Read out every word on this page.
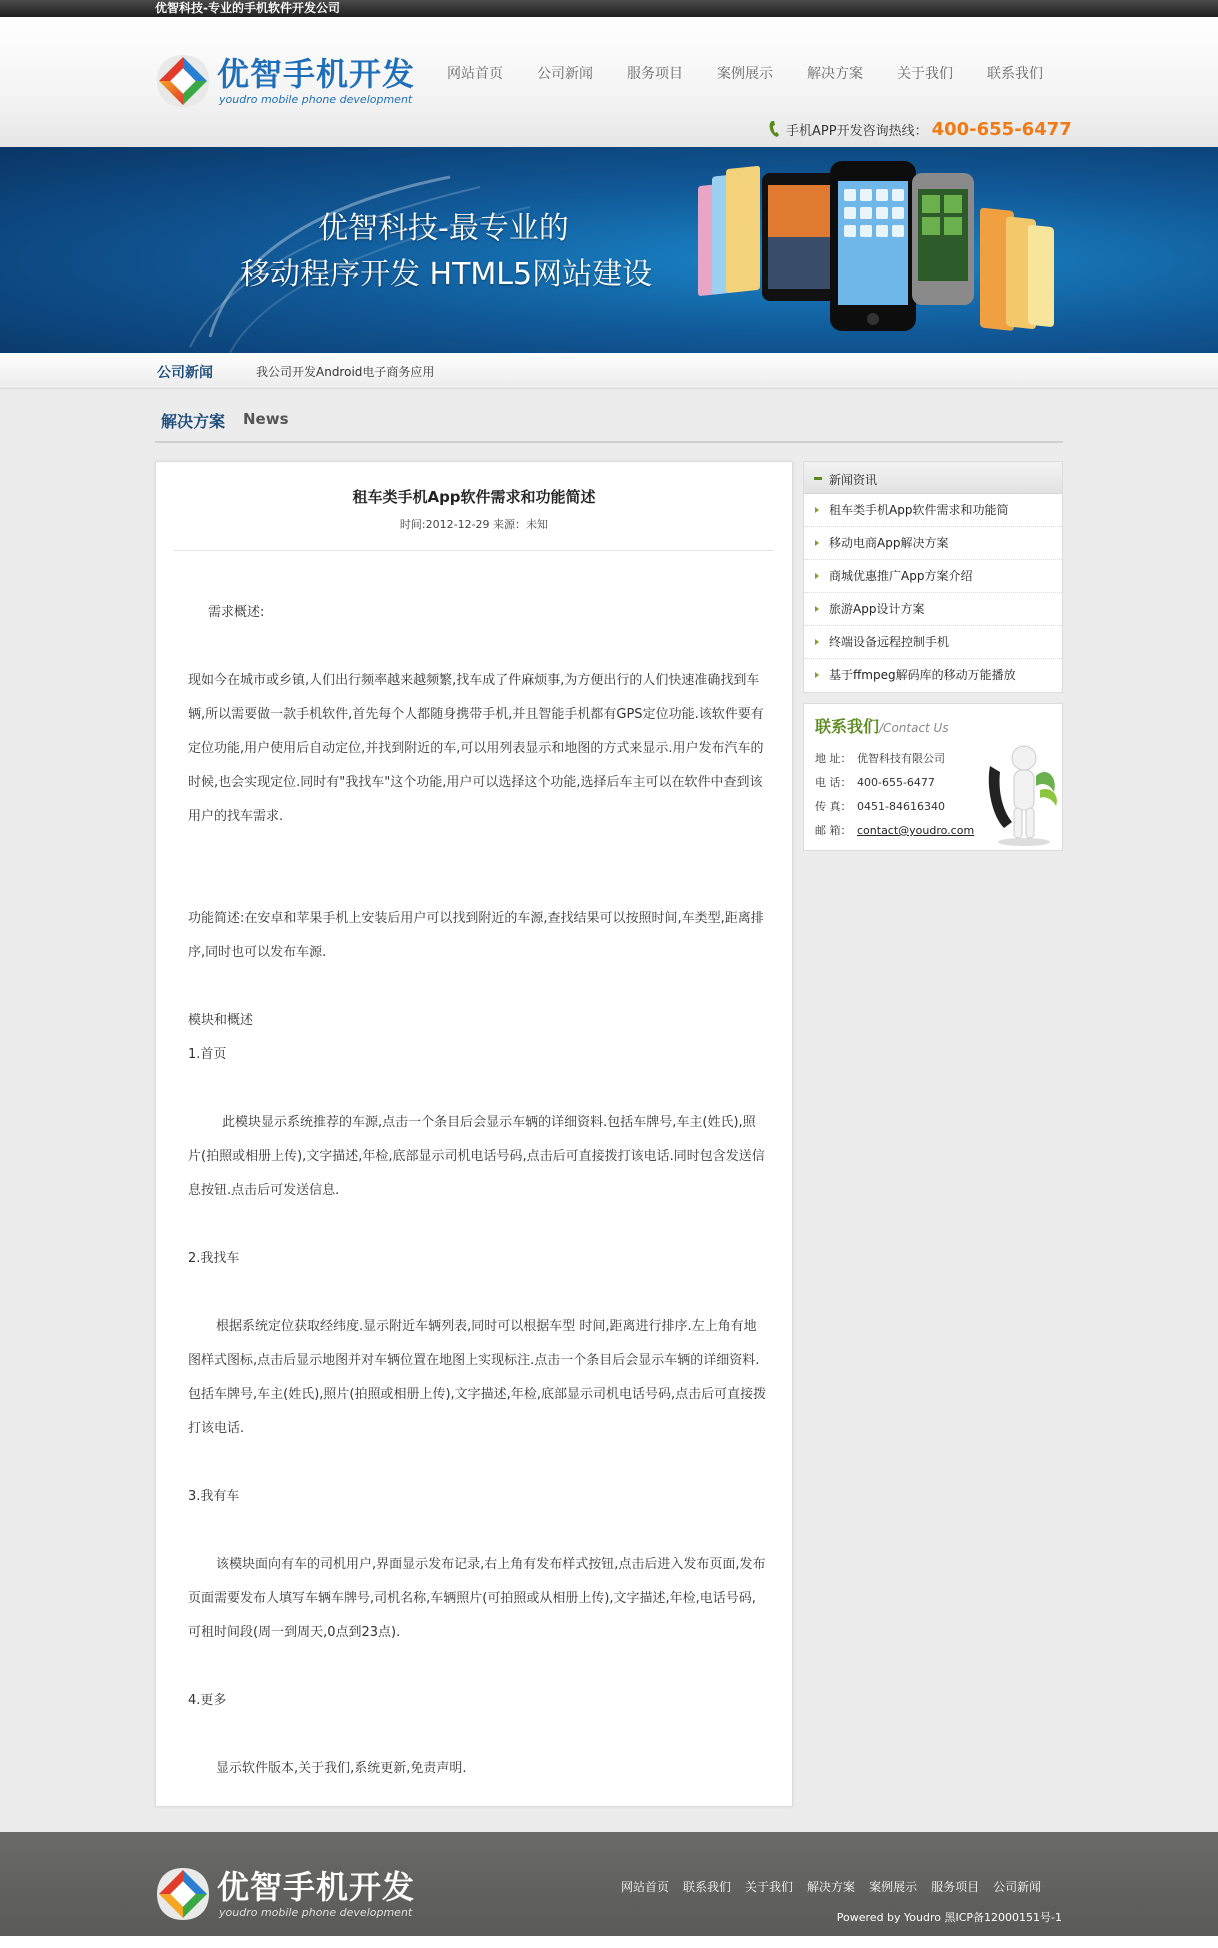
优智科技-专业的手机软件开发公司
优智手机开发
youdro mobile phone development
网站首页	公司新闻	服务项目	案例展示	解决方案	关于我们	联系我们
手机APP开发咨询热线： 400-655-6477
优智科技-最专业的
移动程序开发 HTML5网站建设
公司新闻	我公司开发Android电子商务应用
解决方案 News
租车类手机App软件需求和功能简述
时间:2012-12-29 来源：未知

需求概述:

现如今在城市或乡镇,人们出行频率越来越频繁,找车成了件麻烦事,为方便出行的人们快速准确找到车辆,所以需要做一款手机软件,首先每个人都随身携带手机,并且智能手机都有GPS定位功能.该软件要有定位功能,用户使用后自动定位,并找到附近的车,可以用列表显示和地图的方式来显示.用户发布汽车的时候,也会实现定位.同时有"我找车"这个功能,用户可以选择这个功能,选择后车主可以在软件中查到该用户的找车需求.

功能简述:在安卓和苹果手机上安装后用户可以找到附近的车源,查找结果可以按照时间,车类型,距离排序,同时也可以发布车源.

模块和概述

1.首页

此模块显示系统推荐的车源,点击一个条目后会显示车辆的详细资料.包括车牌号,车主(姓氏),照片(拍照或相册上传),文字描述,年检,底部显示司机电话号码,点击后可直接拨打该电话.同时包含发送信息按钮.点击后可发送信息.

2.我找车

根据系统定位获取经纬度.显示附近车辆列表,同时可以根据车型 时间,距离进行排序.左上角有地图样式图标,点击后显示地图并对车辆位置在地图上实现标注.点击一个条目后会显示车辆的详细资料.包括车牌号,车主(姓氏),照片(拍照或相册上传),文字描述,年检,底部显示司机电话号码,点击后可直接拨打该电话.

3.我有车

该模块面向有车的司机用户,界面显示发布记录,右上角有发布样式按钮,点击后进入发布页面,发布页面需要发布人填写车辆车牌号,司机名称,车辆照片(可拍照或从相册上传),文字描述,年检,电话号码,可租时间段(周一到周天,0点到23点).

4.更多

显示软件版本,关于我们,系统更新,免责声明.

新闻资讯
租车类手机App软件需求和功能简
移动电商App解决方案
商城优惠推广App方案介绍
旅游App设计方案
终端设备远程控制手机
基于ffmpeg解码库的移动万能播放
联系我们/Contact Us
地 址： 优智科技有限公司
电 话： 400-655-6477
传 真： 0451-84616340
邮 箱： contact@youdro.com
优智手机开发
youdro mobile phone development
网站首页 联系我们 关于我们 解决方案 案例展示 服务项目 公司新闻
Powered by Youdro 黑ICP备12000151号-1
